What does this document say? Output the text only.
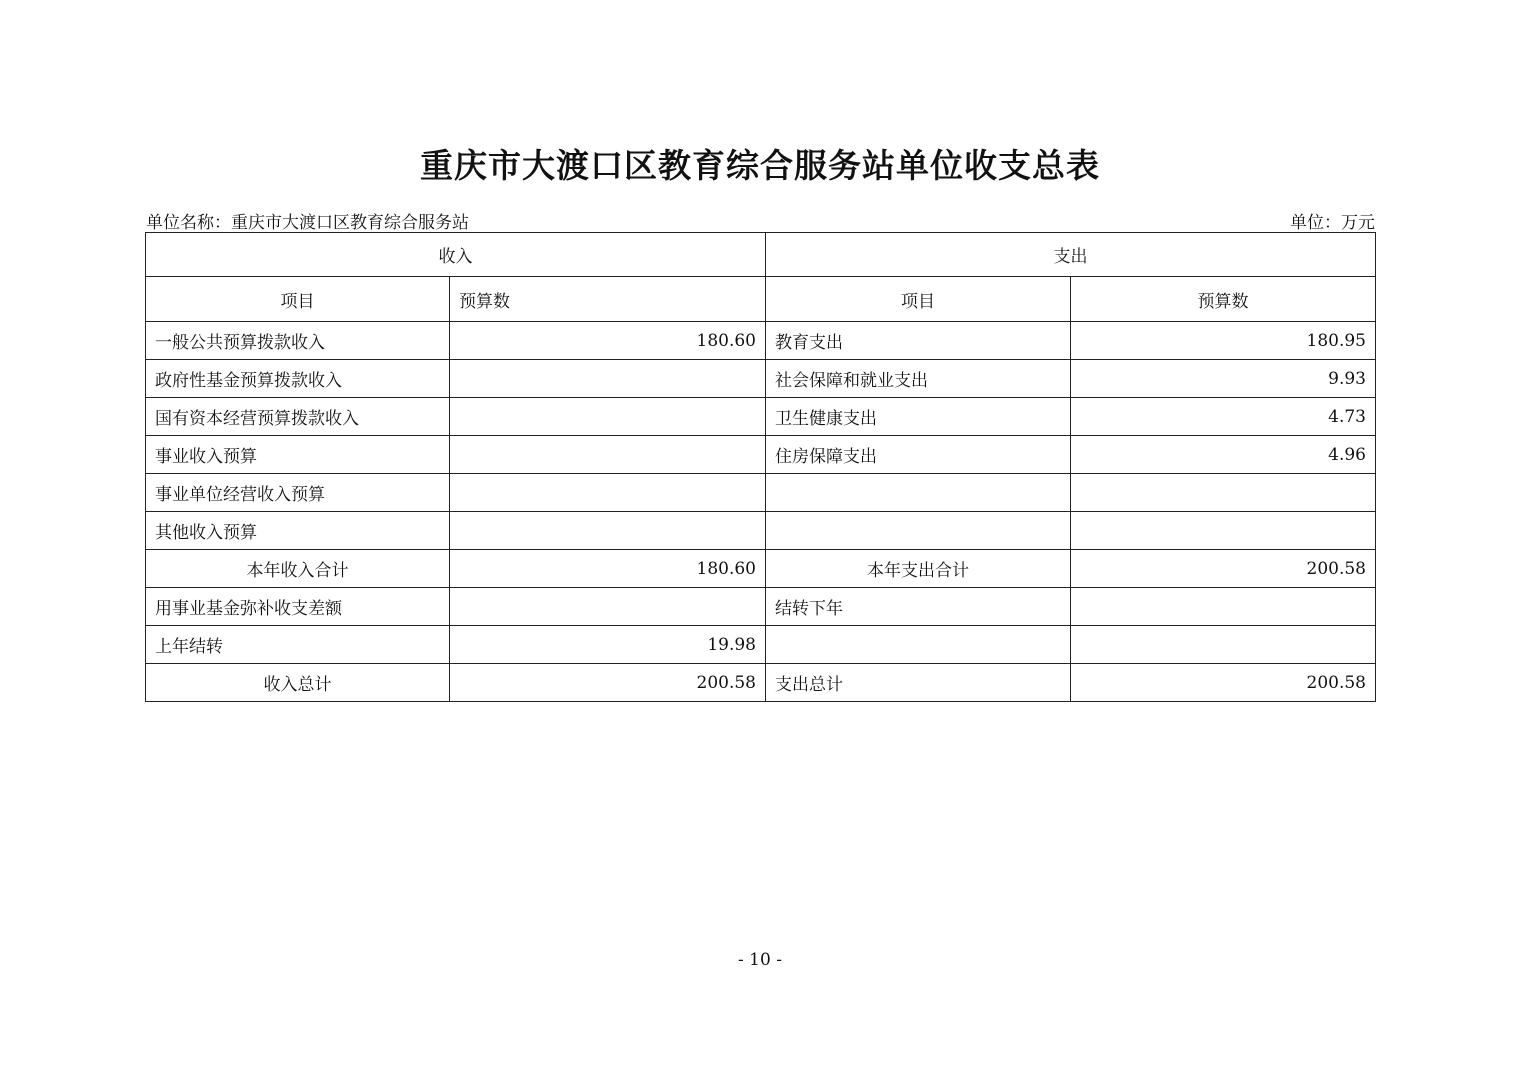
重庆市大渡口区教育综合服务站单位收支总表
单位名称：重庆市大渡口区教育综合服务站	单位：万元
收入		支出	
项目	预算数	项目	预算数
一般公共预算拨款收入	180.60	教育支出	180.95
政府性基金预算拨款收入		社会保障和就业支出	9.93
国有资本经营预算拨款收入		卫生健康支出	4.73
事业收入预算		住房保障支出	4.96
事业单位经营收入预算			
其他收入预算			
本年收入合计	180.60	本年支出合计	200.58
用事业基金弥补收支差额		结转下年	
上年结转	19.98		
收入总计	200.58	支出总计	200.58
- 10 -
